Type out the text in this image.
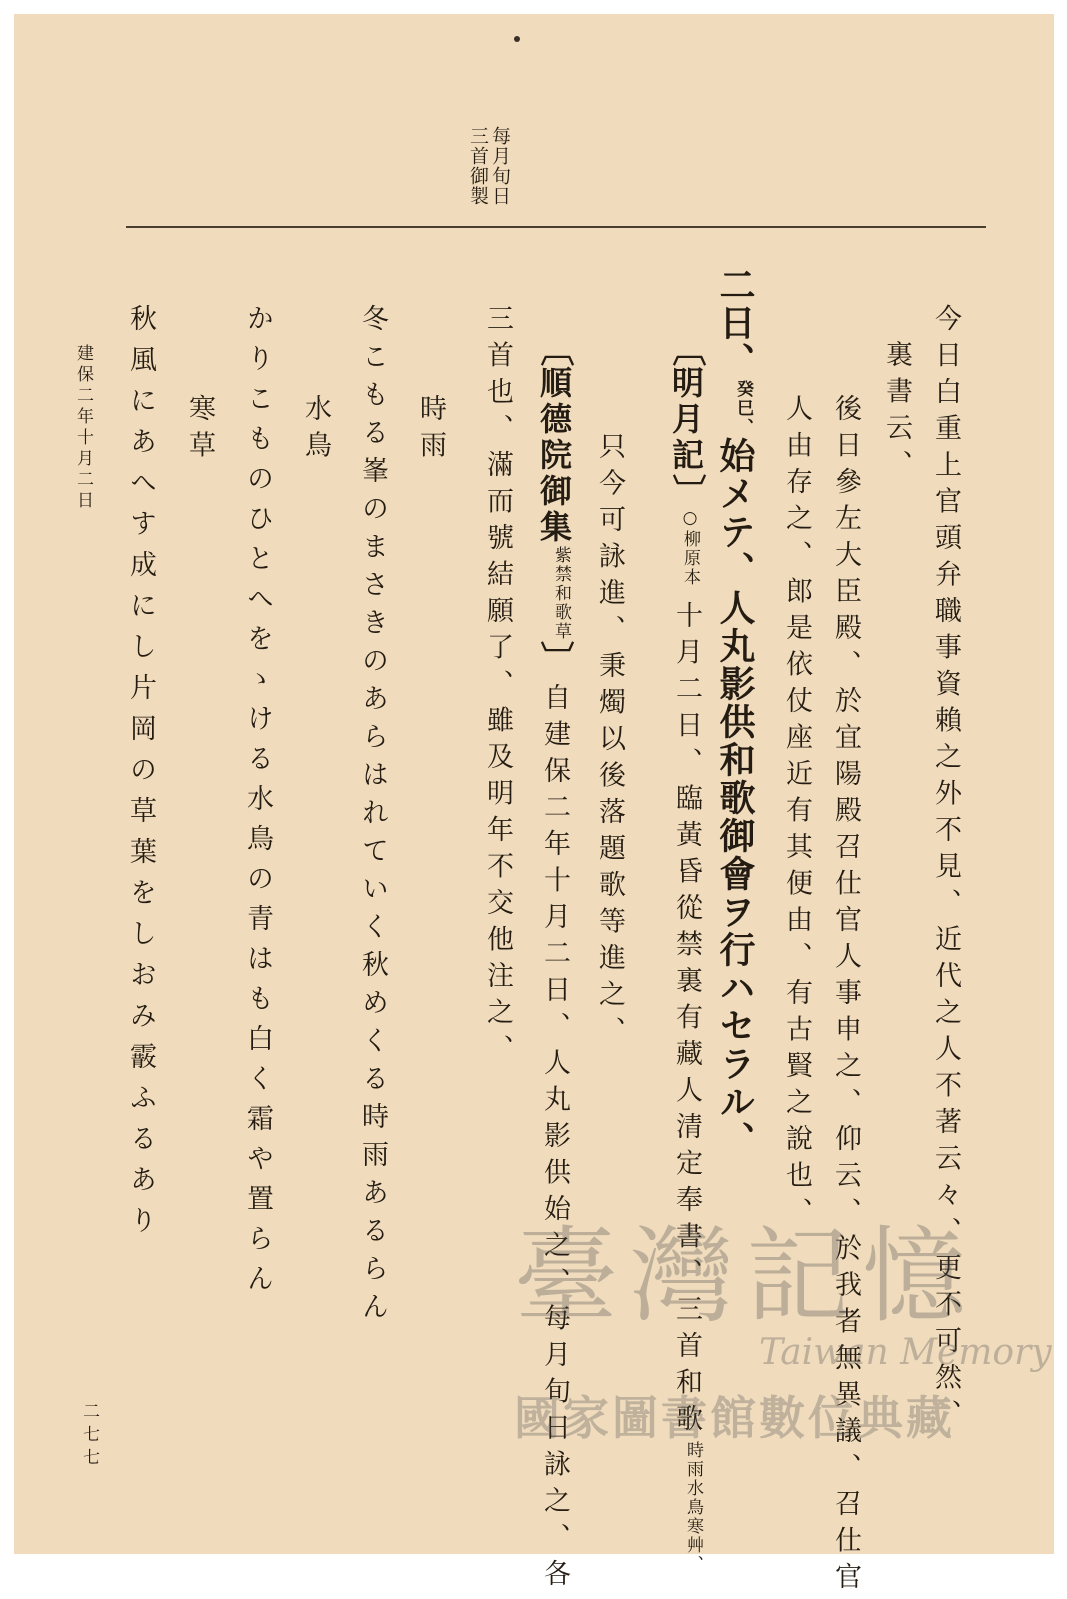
每月旬日
三首御製
今日白重上官頭弁職事資賴之外不見、近代之人不著云々、更不可然、
裏書云、
後日參左大臣殿、於宜陽殿召仕官人事申之、仰云、於我者無異議、召仕官
人由存之、郎是依仗座近有其便由、有古賢之說也、
二日、癸巳、始メテ、人丸影供和歌御會ヲ行ハセラル、
〔明月記〕○柳原本十月二日、臨黃昏從禁裏有藏人清定奉書、三首和歌時雨水鳥寒艸、
只今可詠進、秉燭以後落題歌等進之、
〔順德院御集紫禁和歌草〕自建保二年十月二日、人丸影供始之、每月旬日詠之、各
三首也、滿而號結願了、雖及明年不交他注之、
時雨
冬こもる峯のまさきのあらはれていく秋めくる時雨あるらん
水鳥
かりこものひとへをゝける水鳥の青はも白く霜や置らん
寒草
秋風にあへす成にし片岡の草葉をしおみ霰ふるあり
建保二年十月二日
二七七
臺灣記憶
Taiwan Memory
國家圖書館數位典藏
